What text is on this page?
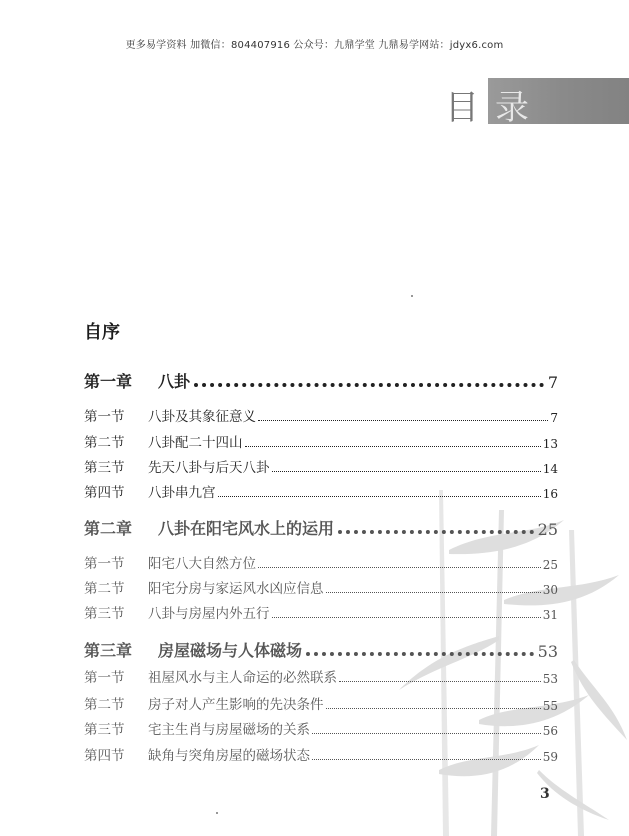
更多易学资料 加微信：804407916 公众号：九鼎学堂 九鼎易学网站：jdyx6.com
目 录
自序
第一章	八卦	7
第一节	八卦及其象征意义	7
第二节	八卦配二十四山	13
第三节	先天八卦与后天八卦	14
第四节	八卦串九宫	16
第二章	八卦在阳宅风水上的运用	25
第一节	阳宅八大自然方位	25
第二节	阳宅分房与家运风水凶应信息	30
第三节	八卦与房屋内外五行	31
第三章	房屋磁场与人体磁场	53
第一节	祖屋风水与主人命运的必然联系	53
第二节	房子对人产生影响的先决条件	55
第三节	宅主生肖与房屋磁场的关系	56
第四节	缺角与突角房屋的磁场状态	59
3
